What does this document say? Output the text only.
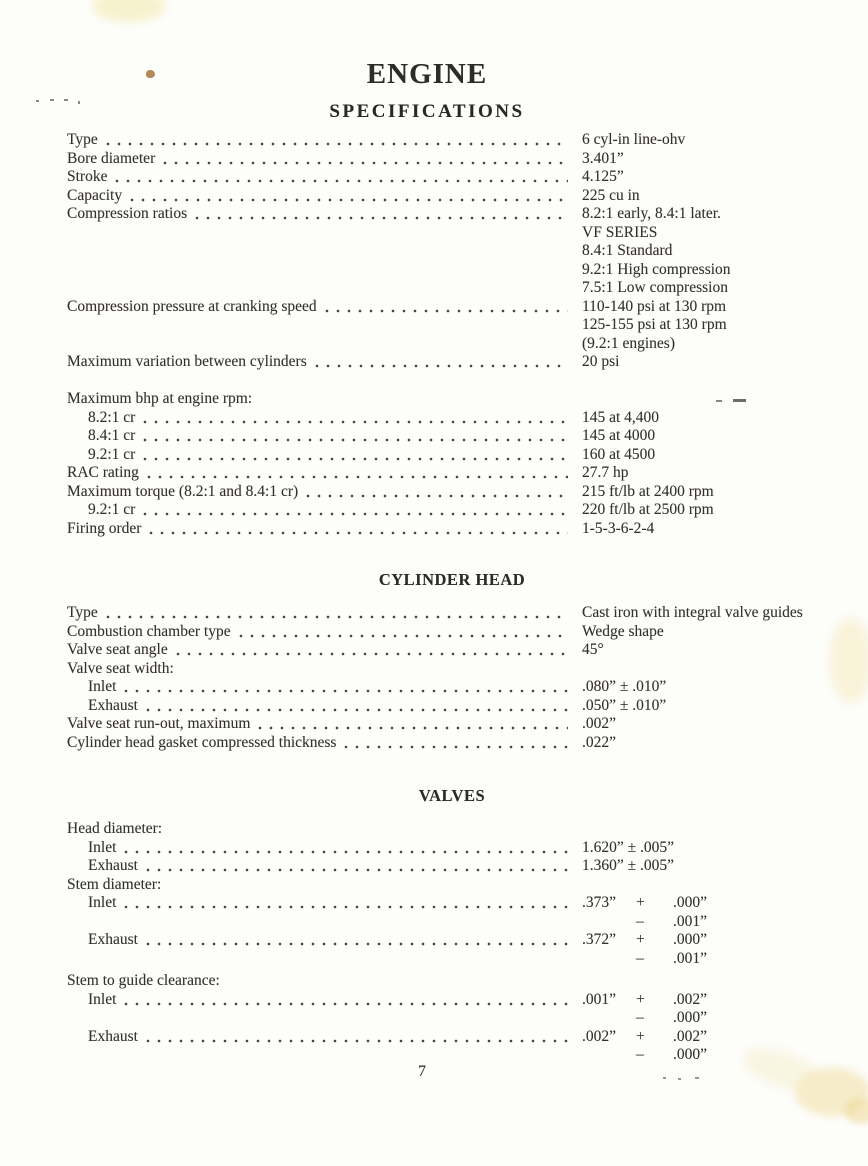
ENGINE
SPECIFICATIONS
Type	6 cyl-in line-ohv
Bore diameter	3.401”
Stroke	4.125”
Capacity	225 cu in
Compression ratios	8.2:1 early, 8.4:1 later.
VF SERIES
8.4:1 Standard
9.2:1 High compression
7.5:1 Low compression
Compression pressure at cranking speed	110-140 psi at 130 rpm
125-155 psi at 130 rpm
(9.2:1 engines)
Maximum variation between cylinders	20 psi
Maximum bhp at engine rpm:
8.2:1 cr	145 at 4,400
8.4:1 cr	145 at 4000
9.2:1 cr	160 at 4500
RAC rating	27.7 hp
Maximum torque (8.2:1 and 8.4:1 cr)	215 ft/lb at 2400 rpm
9.2:1 cr	220 ft/lb at 2500 rpm
Firing order	1-5-3-6-2-4
CYLINDER HEAD
Type	Cast iron with integral valve guides
Combustion chamber type	Wedge shape
Valve seat angle	45°
Valve seat width:
Inlet	.080” ± .010”
Exhaust	.050” ± .010”
Valve seat run-out, maximum	.002”
Cylinder head gasket compressed thickness	.022”
VALVES
Head diameter:
Inlet	1.620” ± .005”
Exhaust	1.360” ± .005”
Stem diameter:
Inlet	.373”	+	.000”
–	.001”
Exhaust	.372”	+	.000”
–	.001”
Stem to guide clearance:
Inlet	.001”	+	.002”
–	.000”
Exhaust	.002”	+	.002”
–	.000”
7
